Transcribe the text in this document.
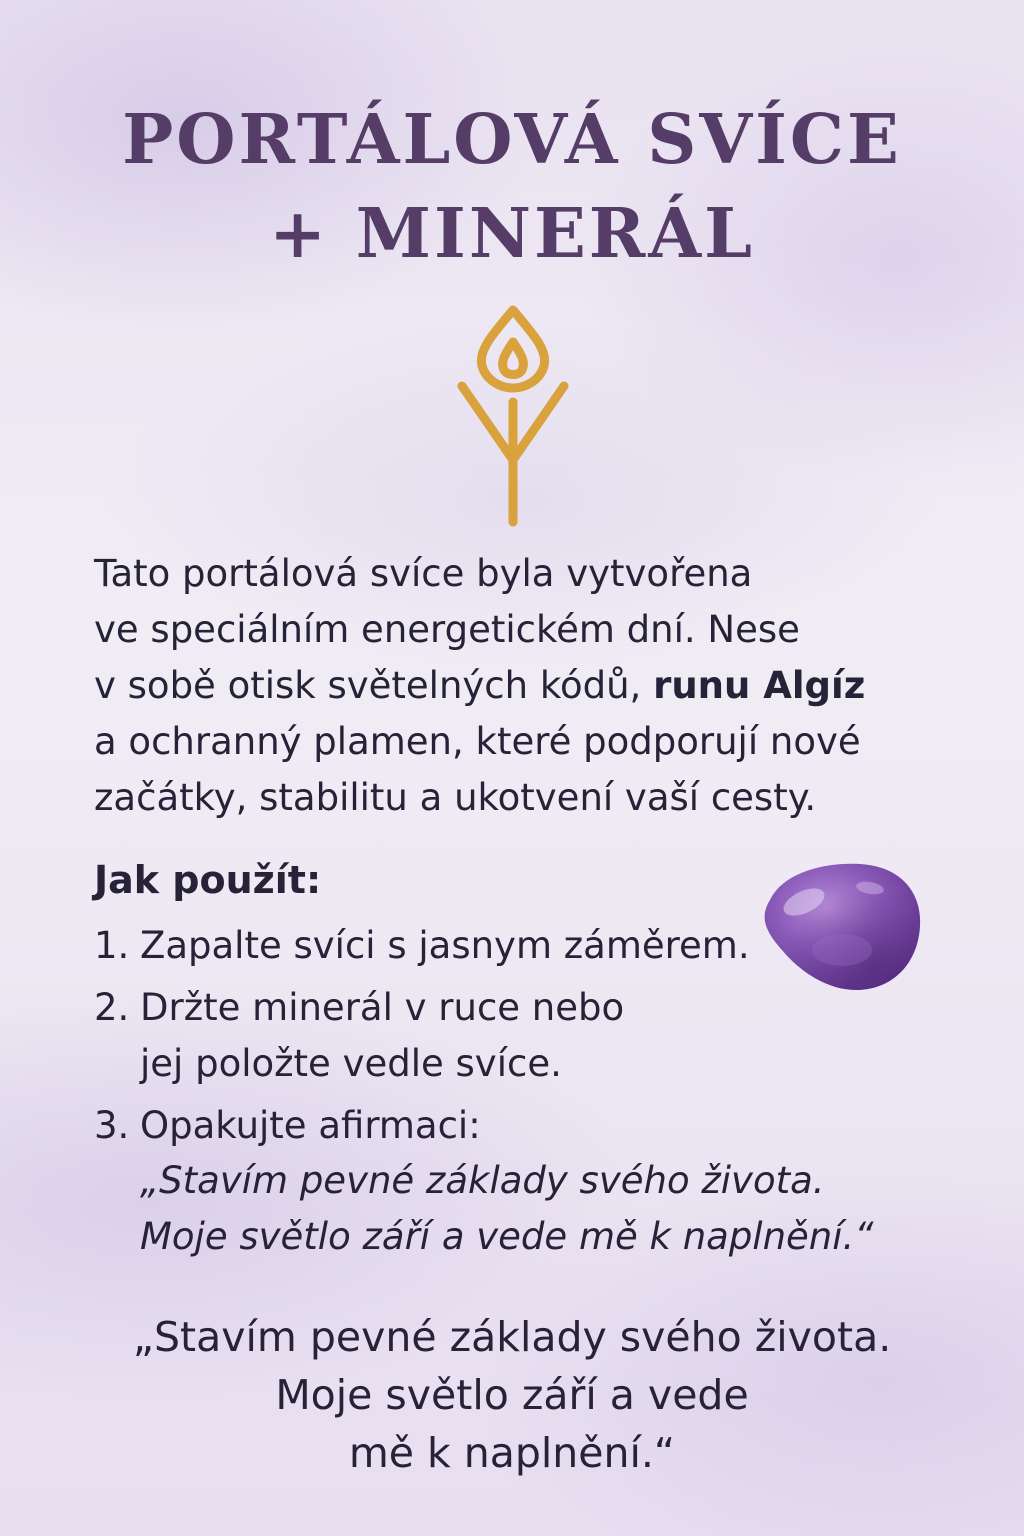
PORTÁLOVÁ SVÍCE
+ MINERÁL
Tato portálová svíce byla vytvořena
ve speciálním energetickém dní. Nese
v sobě otisk světelných kódů, runu Algíz
a ochranný plamen, které podporují nové
začátky, stabilitu a ukotvení vaší cesty.
Jak použít:
1. Zapalte svíci s jasnym záměrem.
2. Držte minerál v ruce nebo
jej položte vedle svíce.
3. Opakujte afirmaci:
„Stavím pevné základy svého života.
Moje světlo září a vede mě k naplnění.“
„Stavím pevné základy svého života.
Moje světlo září a vede
mě k naplnění.“
